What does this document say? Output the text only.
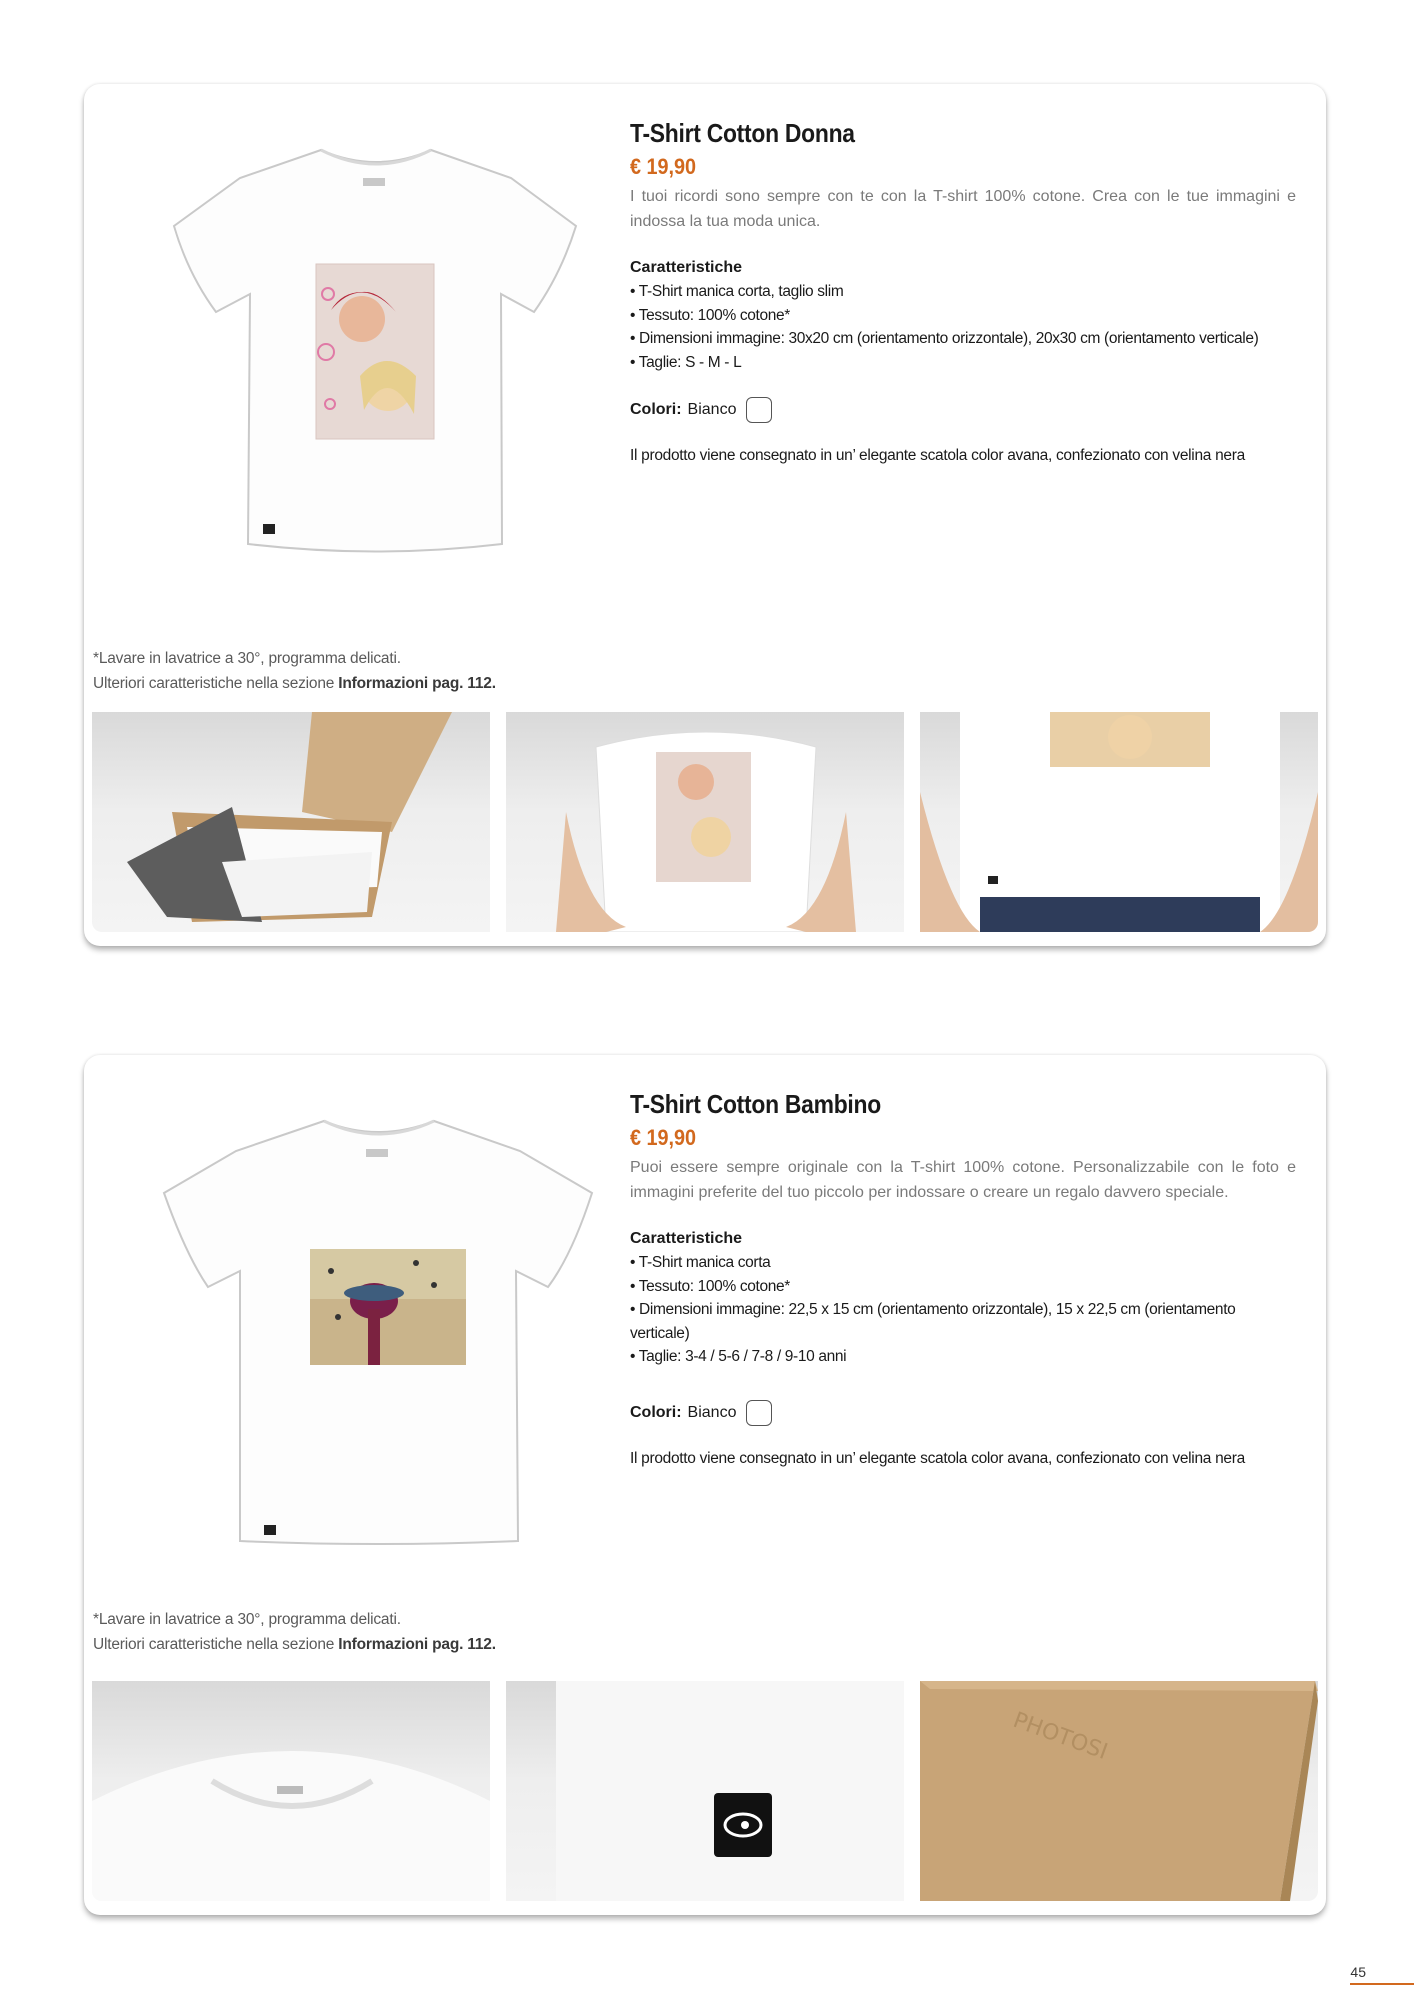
T-Shirt Cotton Donna
€ 19,90
I tuoi ricordi sono sempre con te con la T-shirt 100% cotone. Crea con le tue immagini e indossa la tua moda unica.
Caratteristiche
• T-Shirt manica corta, taglio slim
• Tessuto: 100% cotone*
• Dimensioni immagine: 30x20 cm (orientamento orizzontale), 20x30 cm (orientamento verticale)
• Taglie: S - M - L
Colori: Bianco
Il prodotto viene consegnato in un’ elegante scatola color avana, confezionato con velina nera
*Lavare in lavatrice a 30°, programma delicati.
Ulteriori caratteristiche nella sezione Informazioni pag. 112.
T-Shirt Cotton Bambino
€ 19,90
Puoi essere sempre originale con la T-shirt 100% cotone. Personalizzabile con le foto e immagini preferite del tuo piccolo per indossare o creare un regalo davvero speciale.
Caratteristiche
• T-Shirt manica corta
• Tessuto: 100% cotone*
• Dimensioni immagine: 22,5 x 15 cm (orientamento orizzontale), 15 x 22,5 cm (orientamento verticale)
• Taglie: 3-4 / 5-6 / 7-8 / 9-10 anni
Colori: Bianco
Il prodotto viene consegnato in un’ elegante scatola color avana, confezionato con velina nera
*Lavare in lavatrice a 30°, programma delicati.
Ulteriori caratteristiche nella sezione Informazioni pag. 112.
PHOTOSI
45
